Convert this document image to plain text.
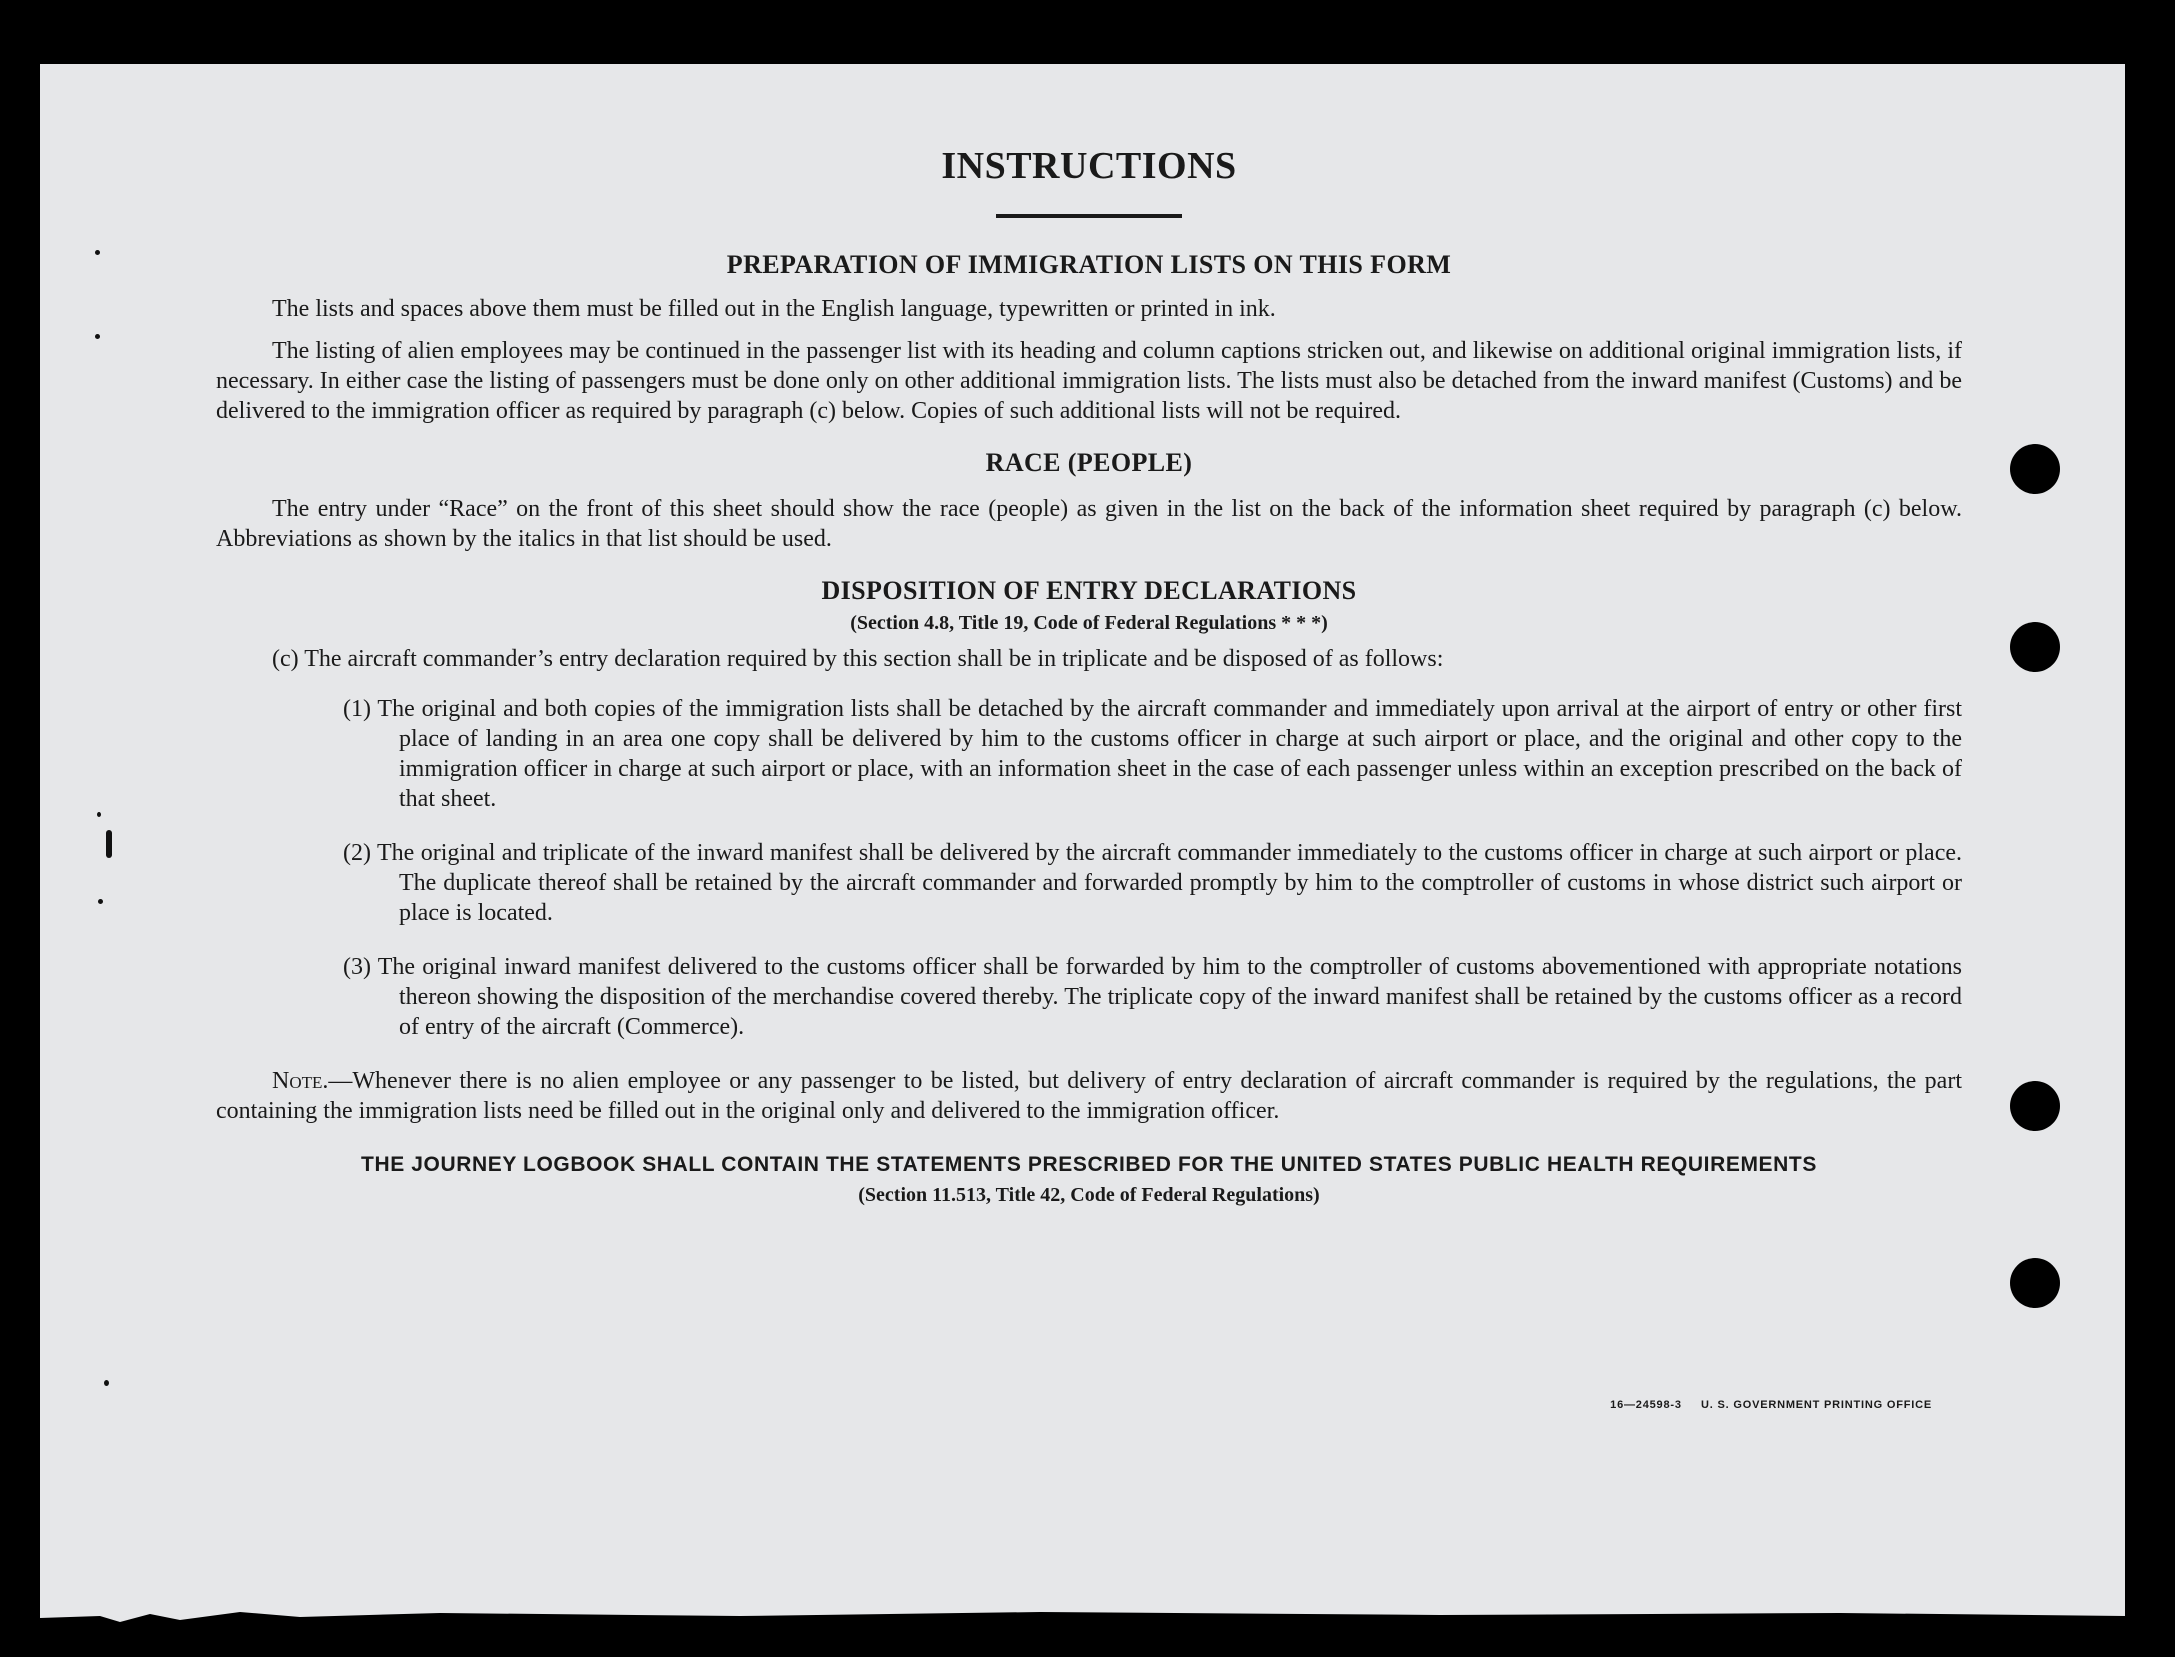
INSTRUCTIONS
PREPARATION OF IMMIGRATION LISTS ON THIS FORM

The lists and spaces above them must be filled out in the English language, typewritten or printed in ink.

The listing of alien employees may be continued in the passenger list with its heading and column captions stricken out, and likewise on additional original immigration lists, if necessary. In either case the listing of passengers must be done only on other additional immigration lists. The lists must also be detached from the inward manifest (Customs) and be delivered to the immigration officer as required by paragraph (c) below. Copies of such additional lists will not be required.

RACE (PEOPLE)

The entry under “Race” on the front of this sheet should show the race (people) as given in the list on the back of the information sheet required by paragraph (c) below. Abbreviations as shown by the italics in that list should be used.

DISPOSITION OF ENTRY DECLARATIONS

(Section 4.8, Title 19, Code of Federal Regulations * * *)

(c) The aircraft commander’s entry declaration required by this section shall be in triplicate and be disposed of as follows:

(1) The original and both copies of the immigration lists shall be detached by the aircraft commander and immediately upon arrival at the airport of entry or other first place of landing in an area one copy shall be delivered by him to the customs officer in charge at such airport or place, and the original and other copy to the immigration officer in charge at such airport or place, with an information sheet in the case of each passenger unless within an exception prescribed on the back of that sheet.

(2) The original and triplicate of the inward manifest shall be delivered by the aircraft commander immediately to the customs officer in charge at such airport or place. The duplicate thereof shall be retained by the aircraft commander and forwarded promptly by him to the comptroller of customs in whose district such airport or place is located.

(3) The original inward manifest delivered to the customs officer shall be forwarded by him to the comptroller of customs abovementioned with appropriate notations thereon showing the disposition of the merchandise covered thereby. The triplicate copy of the inward manifest shall be retained by the customs officer as a record of entry of the aircraft (Commerce).

Note.—Whenever there is no alien employee or any passenger to be listed, but delivery of entry declaration of aircraft commander is required by the regulations, the part containing the immigration lists need be filled out in the original only and delivered to the immigration officer.

THE JOURNEY LOGBOOK SHALL CONTAIN THE STATEMENTS PRESCRIBED FOR THE UNITED STATES PUBLIC HEALTH REQUIREMENTS

(Section 11.513, Title 42, Code of Federal Regulations)

16—24598-3 U. S. GOVERNMENT PRINTING OFFICE
